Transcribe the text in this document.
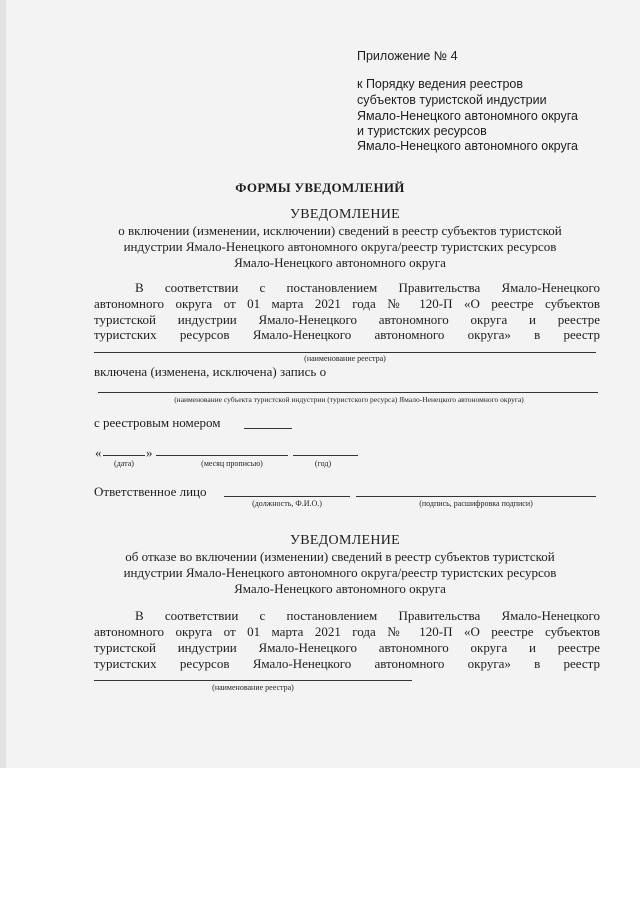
Приложение № 4
к Порядку ведения реестров
субъектов туристской индустрии
Ямало-Ненецкого автономного округа
и туристских ресурсов
Ямало-Ненецкого автономного округа
ФОРМЫ УВЕДОМЛЕНИЙ
УВЕДОМЛЕНИЕ
о включении (изменении, исключении) сведений в реестр субъектов туристской
индустрии Ямало-Ненецкого автономного округа/реестр туристских ресурсов
Ямало-Ненецкого автономного округа
В соответствии с постановлением Правительства Ямало-Ненецкого
автономного округа от 01 марта 2021 года № 120-П «О реестре субъектов
туристской индустрии Ямало-Ненецкого автономного округа и реестре
туристских ресурсов Ямало-Ненецкого автономного округа» в реестр
(наименование реестра)
включена (изменена, исключена) запись о
(наименование субъекта туристской индустрии (туристского ресурса) Ямало-Ненецкого автономного округа)
с реестровым номером
«	»
(дата)	(месяц прописью)	(год)
Ответственное лицо
(должность, Ф.И.О.)	(подпись, расшифровка подписи)
УВЕДОМЛЕНИЕ
об отказе во включении (изменении) сведений в реестр субъектов туристской
индустрии Ямало-Ненецкого автономного округа/реестр туристских ресурсов
Ямало-Ненецкого автономного округа
В соответствии с постановлением Правительства Ямало-Ненецкого
автономного округа от 01 марта 2021 года № 120-П «О реестре субъектов
туристской индустрии Ямало-Ненецкого автономного округа и реестре
туристских ресурсов Ямало-Ненецкого автономного округа» в реестр
(наименование реестра)
